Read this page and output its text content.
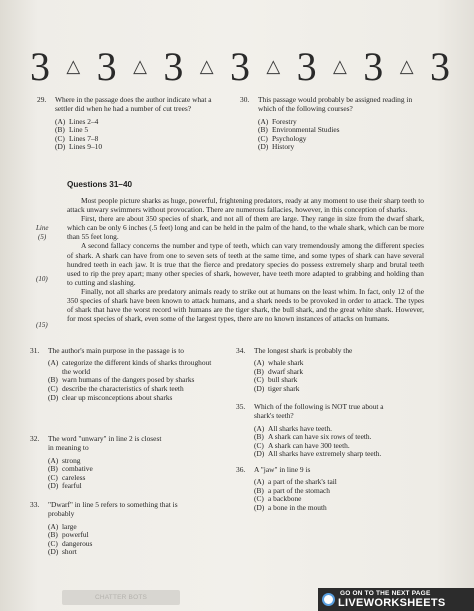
3 △ 3 △ 3 △ 3 △ 3 △ 3 △ 3
29. Where in the passage does the author indicate what a settler did when he had a number of cut trees?
(A) Lines 2–4
(B) Line 5
(C) Lines 7–8
(D) Lines 9–10
30. This passage would probably be assigned reading in which of the following courses?
(A) Forestry
(B) Environmental Studies
(C) Psychology
(D) History
Questions 31–40
Line
(5)
(10)
(15)

Most people picture sharks as huge, powerful, frightening predators, ready at any moment to use their sharp teeth to attack unwary swimmers without provocation. There are numerous fallacies, however, in this conception of sharks.

First, there are about 350 species of shark, and not all of them are large. They range in size from the dwarf shark, which can be only 6 inches (.5 feet) long and can be held in the palm of the hand, to the whale shark, which can be more than 55 feet long.

A second fallacy concerns the number and type of teeth, which can vary tremendously among the different species of shark. A shark can have from one to seven sets of teeth at the same time, and some types of shark can have several hundred teeth in each jaw. It is true that the fierce and predatory species do possess extremely sharp and brutal teeth used to rip the prey apart; many other species of shark, however, have teeth more adapted to grabbing and holding than to cutting and slashing.

Finally, not all sharks are predatory animals ready to strike out at humans on the least whim. In fact, only 12 of the 350 species of shark have been known to attack humans, and a shark needs to be provoked in order to attack. The types of shark that have the worst record with humans are the tiger shark, the bull shark, and the great white shark. However, for most species of shark, even some of the largest types, there are no known instances of attacks on humans.

31. The author's main purpose in the passage is to
(A) categorize the different kinds of sharks throughout the world
(B) warn humans of the dangers posed by sharks
(C) describe the characteristics of shark teeth
(D) clear up misconceptions about sharks
32. The word "unwary" in line 2 is closest in meaning to
(A) strong
(B) combative
(C) careless
(D) fearful
33. "Dwarf" in line 5 refers to something that is probably
(A) large
(B) powerful
(C) dangerous
(D) short
34. The longest shark is probably the
(A) whale shark
(B) dwarf shark
(C) bull shark
(D) tiger shark
35. Which of the following is NOT true about a shark's teeth?
(A) All sharks have teeth.
(B) A shark can have six rows of teeth.
(C) A shark can have 300 teeth.
(D) All sharks have extremely sharp teeth.
36. A "jaw" in line 9 is
(A) a part of the shark's tail
(B) a part of the stomach
(C) a backbone
(D) a bone in the mouth
CHATTER BOTS
GO ON TO THE NEXT PAGE
LIVEWORKSHEETS
